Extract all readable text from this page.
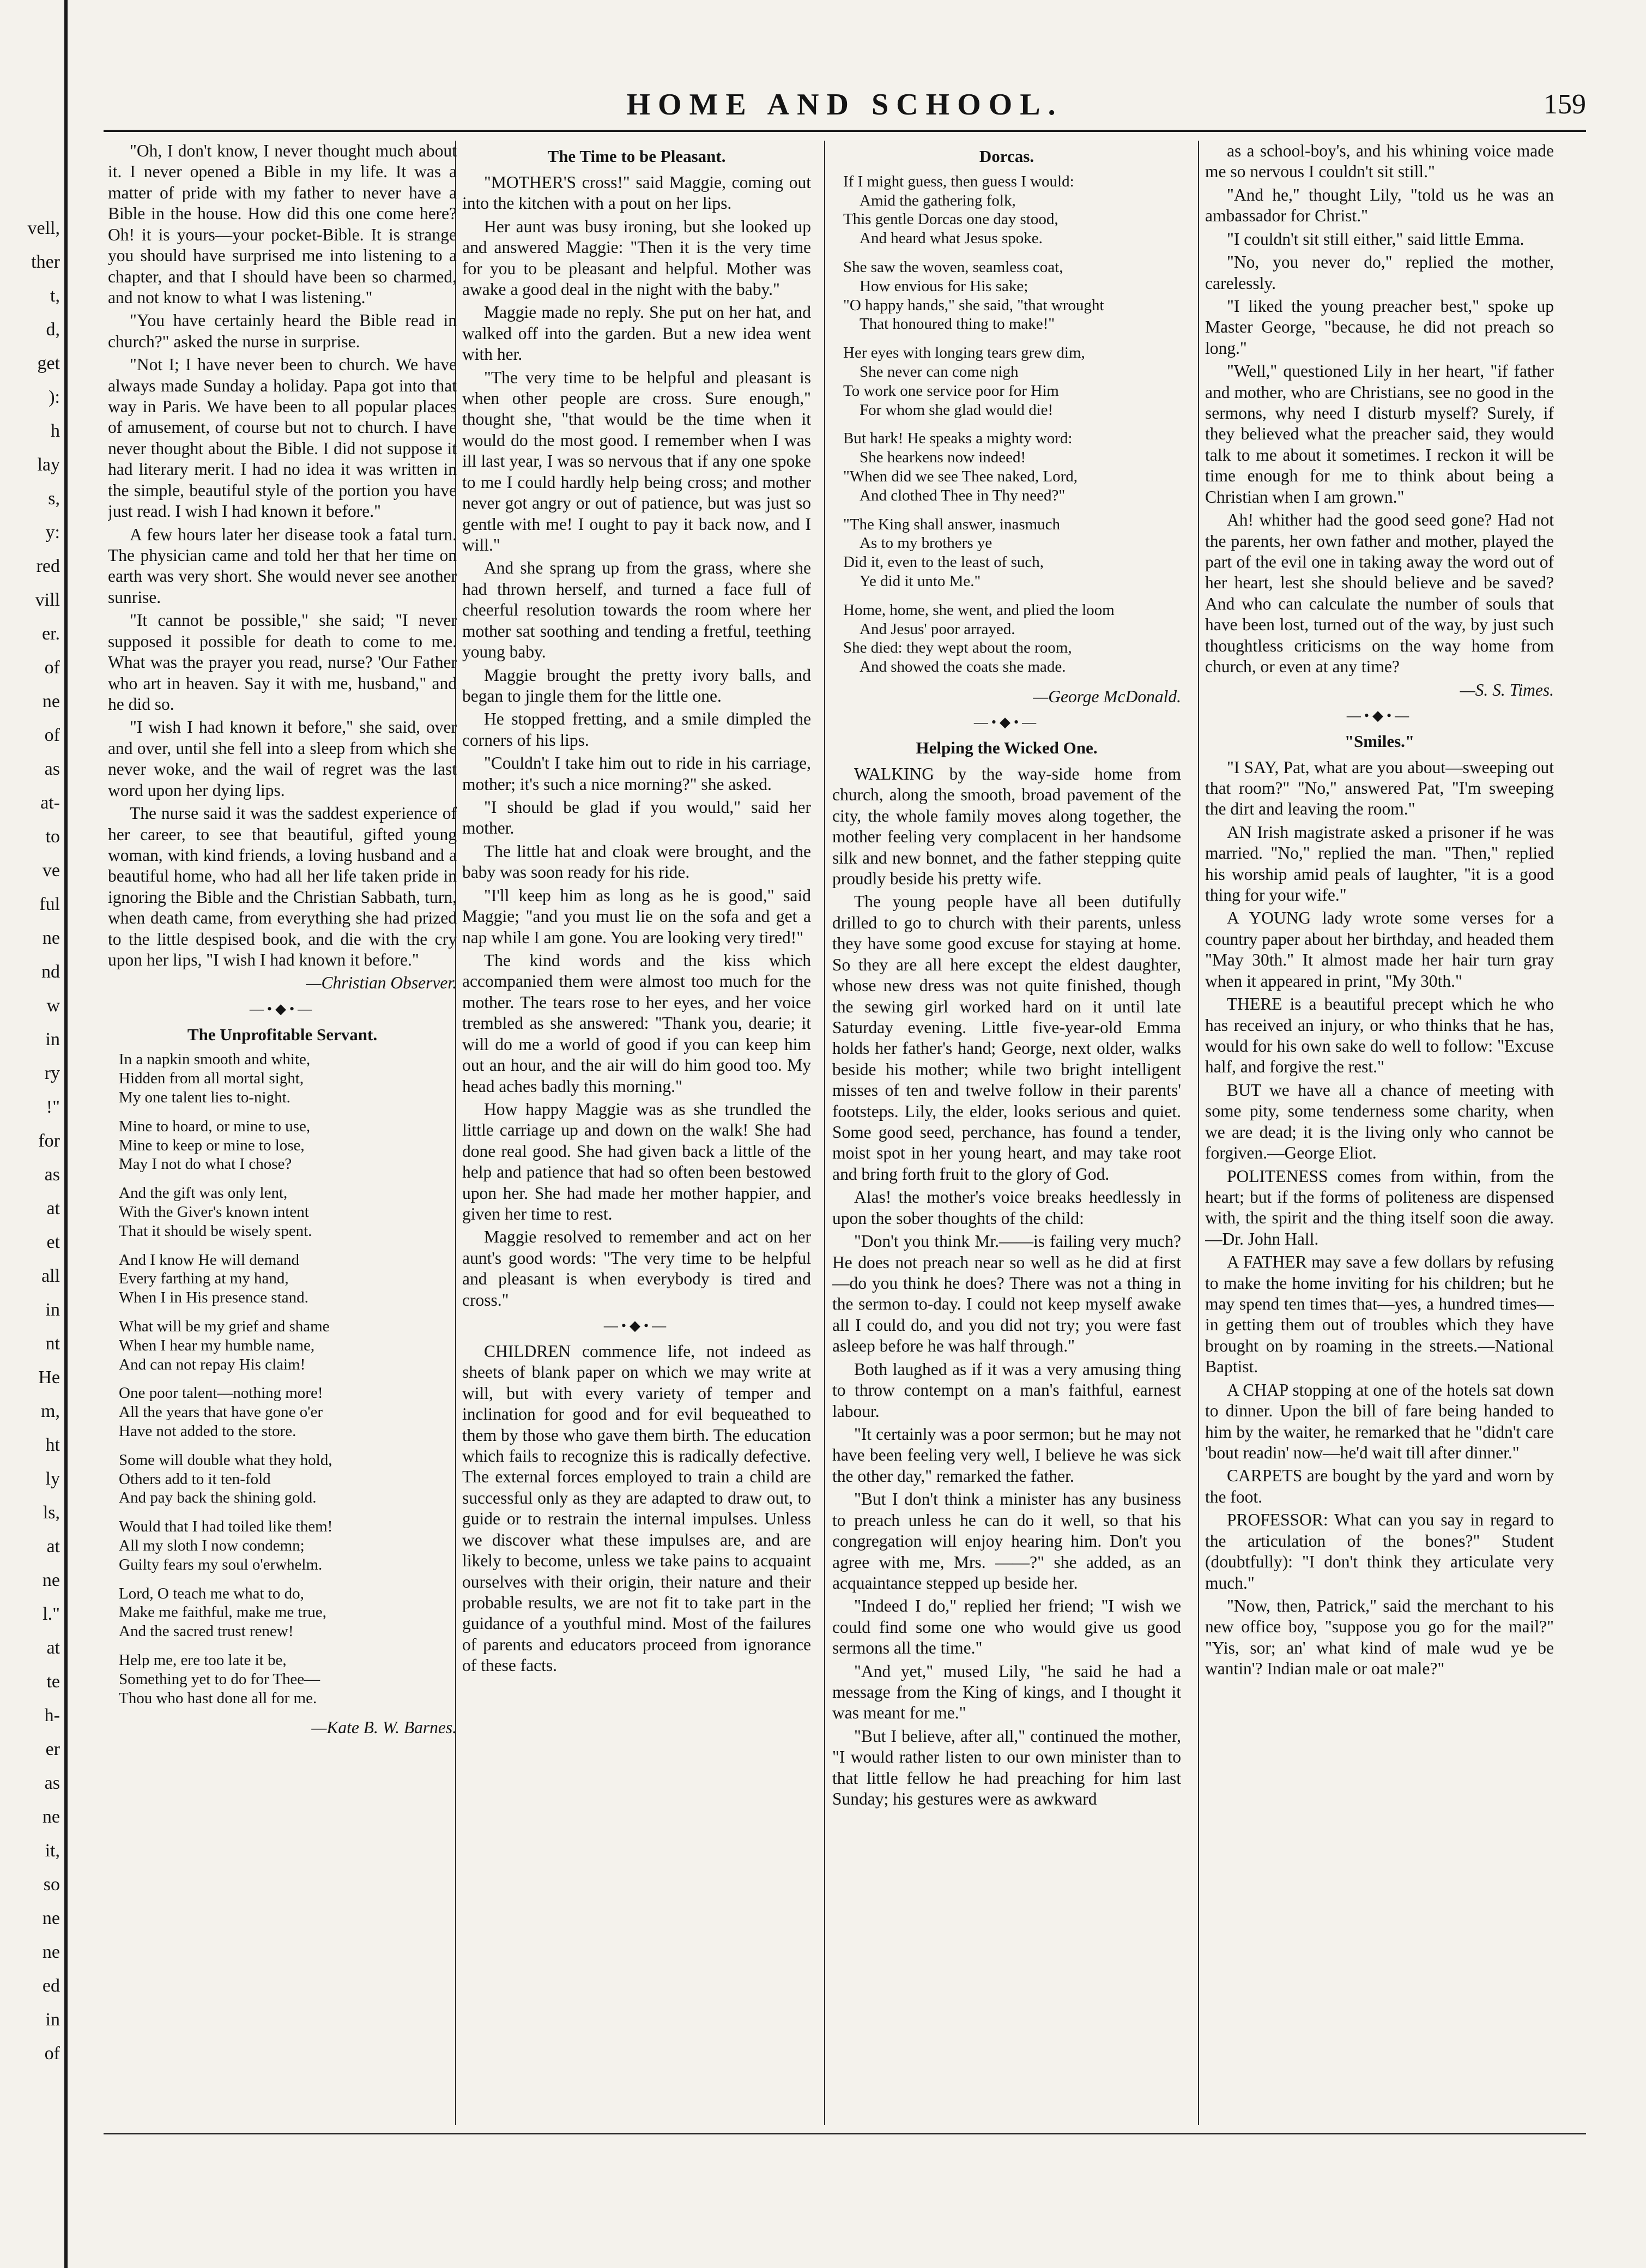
vell,
ther
t,
d,
get
):
h
lay
s,
y:
red
vill
er.
of
ne
of
as
at-
to
ve
ful
ne
nd
w
in
ry
!"
for
as
at
et
all
in
nt
He
m,
ht
ly
ls,
at
ne
l."
at
te
h-
er
as
ne
it,
so
ne
ne
ed
in
of
HOME AND SCHOOL.	159

"Oh, I don't know, I never thought much about it. I never opened a Bible in my life. It was a matter of pride with my father to never have a Bible in the house. How did this one come here? Oh! it is yours—your pocket-Bible. It is strange you should have surprised me into listening to a chapter, and that I should have been so charmed, and not know to what I was listening."

"You have certainly heard the Bible read in church?" asked the nurse in surprise.

"Not I; I have never been to church. We have always made Sunday a holiday. Papa got into that way in Paris. We have been to all popular places of amusement, of course but not to church. I have never thought about the Bible. I did not suppose it had literary merit. I had no idea it was written in the simple, beautiful style of the portion you have just read. I wish I had known it before."

A few hours later her disease took a fatal turn. The physician came and told her that her time on earth was very short. She would never see another sunrise.

"It cannot be possible," she said; "I never supposed it possible for death to come to me. What was the prayer you read, nurse? 'Our Father who art in heaven. Say it with me, husband," and he did so.

"I wish I had known it before," she said, over and over, until she fell into a sleep from which she never woke, and the wail of regret was the last word upon her dying lips.

The nurse said it was the saddest experience of her career, to see that beautiful, gifted young woman, with kind friends, a loving husband and a beautiful home, who had all her life taken pride in ignoring the Bible and the Christian Sabbath, turn, when death came, from everything she had prized to the little despised book, and die with the cry upon her lips, "I wish I had known it before."

—Christian Observer.

—•◆•—

The Unprofitable Servant.
In a napkin smooth and white,
Hidden from all mortal sight,
My one talent lies to-night.
Mine to hoard, or mine to use,
Mine to keep or mine to lose,
May I not do what I chose?
And the gift was only lent,
With the Giver's known intent
That it should be wisely spent.
And I know He will demand
Every farthing at my hand,
When I in His presence stand.
What will be my grief and shame
When I hear my humble name,
And can not repay His claim!
One poor talent—nothing more!
All the years that have gone o'er
Have not added to the store.
Some will double what they hold,
Others add to it ten-fold
And pay back the shining gold.
Would that I had toiled like them!
All my sloth I now condemn;
Guilty fears my soul o'erwhelm.
Lord, O teach me what to do,
Make me faithful, make me true,
And the sacred trust renew!
Help me, ere too late it be,
Something yet to do for Thee—
Thou who hast done all for me.

—Kate B. W. Barnes.

The Time to be Pleasant.

"MOTHER'S cross!" said Maggie, coming out into the kitchen with a pout on her lips.

Her aunt was busy ironing, but she looked up and answered Maggie: "Then it is the very time for you to be pleasant and helpful. Mother was awake a good deal in the night with the baby."

Maggie made no reply. She put on her hat, and walked off into the garden. But a new idea went with her.

"The very time to be helpful and pleasant is when other people are cross. Sure enough," thought she, "that would be the time when it would do the most good. I remember when I was ill last year, I was so nervous that if any one spoke to me I could hardly help being cross; and mother never got angry or out of patience, but was just so gentle with me! I ought to pay it back now, and I will."

And she sprang up from the grass, where she had thrown herself, and turned a face full of cheerful resolution towards the room where her mother sat soothing and tending a fretful, teething young baby.

Maggie brought the pretty ivory balls, and began to jingle them for the little one.

He stopped fretting, and a smile dimpled the corners of his lips.

"Couldn't I take him out to ride in his carriage, mother; it's such a nice morning?" she asked.

"I should be glad if you would," said her mother.

The little hat and cloak were brought, and the baby was soon ready for his ride.

"I'll keep him as long as he is good," said Maggie; "and you must lie on the sofa and get a nap while I am gone. You are looking very tired!"

The kind words and the kiss which accompanied them were almost too much for the mother. The tears rose to her eyes, and her voice trembled as she answered: "Thank you, dearie; it will do me a world of good if you can keep him out an hour, and the air will do him good too. My head aches badly this morning."

How happy Maggie was as she trundled the little carriage up and down on the walk! She had done real good. She had given back a little of the help and patience that had so often been bestowed upon her. She had made her mother happier, and given her time to rest.

Maggie resolved to remember and act on her aunt's good words: "The very time to be helpful and pleasant is when everybody is tired and cross."

—•◆•—

CHILDREN commence life, not indeed as sheets of blank paper on which we may write at will, but with every variety of temper and inclination for good and for evil bequeathed to them by those who gave them birth. The education which fails to recognize this is radically defective. The external forces employed to train a child are successful only as they are adapted to draw out, to guide or to restrain the internal impulses. Unless we discover what these impulses are, and are likely to become, unless we take pains to acquaint ourselves with their origin, their nature and their probable results, we are not fit to take part in the guidance of a youthful mind. Most of the failures of parents and educators proceed from ignorance of these facts.

Dorcas.
If I might guess, then guess I would:
Amid the gathering folk,
This gentle Dorcas one day stood,
And heard what Jesus spoke.
She saw the woven, seamless coat,
How envious for His sake;
"O happy hands," she said, "that wrought
That honoured thing to make!"
Her eyes with longing tears grew dim,
She never can come nigh
To work one service poor for Him
For whom she glad would die!
But hark! He speaks a mighty word:
She hearkens now indeed!
"When did we see Thee naked, Lord,
And clothed Thee in Thy need?"
"The King shall answer, inasmuch
As to my brothers ye
Did it, even to the least of such,
Ye did it unto Me."
Home, home, she went, and plied the loom
And Jesus' poor arrayed.
She died: they wept about the room,
And showed the coats she made.

—George McDonald.

—•◆•—

Helping the Wicked One.

WALKING by the way-side home from church, along the smooth, broad pavement of the city, the whole family moves along together, the mother feeling very complacent in her handsome silk and new bonnet, and the father stepping quite proudly beside his pretty wife.

The young people have all been dutifully drilled to go to church with their parents, unless they have some good excuse for staying at home. So they are all here except the eldest daughter, whose new dress was not quite finished, though the sewing girl worked hard on it until late Saturday evening. Little five-year-old Emma holds her father's hand; George, next older, walks beside his mother; while two bright intelligent misses of ten and twelve follow in their parents' footsteps. Lily, the elder, looks serious and quiet. Some good seed, perchance, has found a tender, moist spot in her young heart, and may take root and bring forth fruit to the glory of God.

Alas! the mother's voice breaks heedlessly in upon the sober thoughts of the child:

"Don't you think Mr.——is failing very much? He does not preach near so well as he did at first—do you think he does? There was not a thing in the sermon to-day. I could not keep myself awake all I could do, and you did not try; you were fast asleep before he was half through."

Both laughed as if it was a very amusing thing to throw contempt on a man's faithful, earnest labour.

"It certainly was a poor sermon; but he may not have been feeling very well, I believe he was sick the other day," remarked the father.

"But I don't think a minister has any business to preach unless he can do it well, so that his congregation will enjoy hearing him. Don't you agree with me, Mrs. ——?" she added, as an acquaintance stepped up beside her.

"Indeed I do," replied her friend; "I wish we could find some one who would give us good sermons all the time."

"And yet," mused Lily, "he said he had a message from the King of kings, and I thought it was meant for me."

"But I believe, after all," continued the mother, "I would rather listen to our own minister than to that little fellow he had preaching for him last Sunday; his gestures were as awkward

as a school-boy's, and his whining voice made me so nervous I couldn't sit still."

"And he," thought Lily, "told us he was an ambassador for Christ."

"I couldn't sit still either," said little Emma.

"No, you never do," replied the mother, carelessly.

"I liked the young preacher best," spoke up Master George, "because, he did not preach so long."

"Well," questioned Lily in her heart, "if father and mother, who are Christians, see no good in the sermons, why need I disturb myself? Surely, if they believed what the preacher said, they would talk to me about it sometimes. I reckon it will be time enough for me to think about being a Christian when I am grown."

Ah! whither had the good seed gone? Had not the parents, her own father and mother, played the part of the evil one in taking away the word out of her heart, lest she should believe and be saved? And who can calculate the number of souls that have been lost, turned out of the way, by just such thoughtless criticisms on the way home from church, or even at any time?

—S. S. Times.

—•◆•—

"Smiles."

"I SAY, Pat, what are you about—sweeping out that room?" "No," answered Pat, "I'm sweeping the dirt and leaving the room."

AN Irish magistrate asked a prisoner if he was married. "No," replied the man. "Then," replied his worship amid peals of laughter, "it is a good thing for your wife."

A YOUNG lady wrote some verses for a country paper about her birthday, and headed them "May 30th." It almost made her hair turn gray when it appeared in print, "My 30th."

THERE is a beautiful precept which he who has received an injury, or who thinks that he has, would for his own sake do well to follow: "Excuse half, and forgive the rest."

BUT we have all a chance of meeting with some pity, some tenderness some charity, when we are dead; it is the living only who cannot be forgiven.—George Eliot.

POLITENESS comes from within, from the heart; but if the forms of politeness are dispensed with, the spirit and the thing itself soon die away.—Dr. John Hall.

A FATHER may save a few dollars by refusing to make the home inviting for his children; but he may spend ten times that—yes, a hundred times—in getting them out of troubles which they have brought on by roaming in the streets.—National Baptist.

A CHAP stopping at one of the hotels sat down to dinner. Upon the bill of fare being handed to him by the waiter, he remarked that he "didn't care 'bout readin' now—he'd wait till after dinner."

CARPETS are bought by the yard and worn by the foot.

PROFESSOR: What can you say in regard to the articulation of the bones?" Student (doubtfully): "I don't think they articulate very much."

"Now, then, Patrick," said the merchant to his new office boy, "suppose you go for the mail?" "Yis, sor; an' what kind of male wud ye be wantin'? Indian male or oat male?"
